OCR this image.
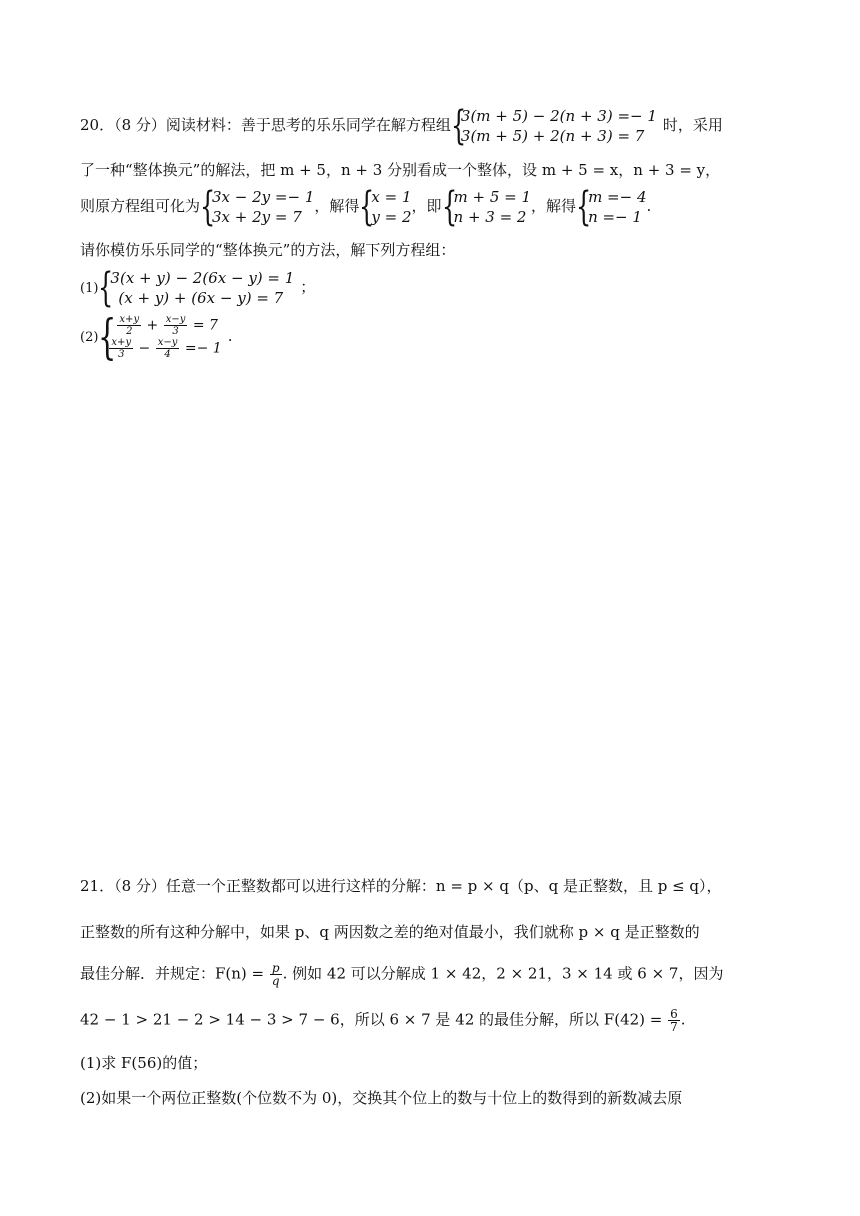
20．（8 分）阅读材料：善于思考的乐乐同学在解方程组 {
3(m + 5) − 2(n + 3) =− 1
3(m + 5) + 2(n + 3) = 7
时，采用
了一种“整体换元”的解法，把 m + 5，n + 3 分别看成一个整体，设 m + 5 = x，n + 3 = y，
则原方程组可化为 {
3x − 2y =− 1
3x + 2y = 7
，解得 {
x = 1
y = 2
，即 {
m + 5 = 1
n + 3 = 2
，解得 {
m =− 4
n =− 1
.
请你模仿乐乐同学的“整体换元”的方法，解下列方程组：
(1) {
3(x + y) − 2(6x − y) = 1
(x + y) + (6x − y) = 7
；
(2) { $\frac{x+y}{2} + \frac{x-y}{3} = 7$
$\frac{x+y}{3} - \frac{x-y}{4} =- 1$
.
21．（8 分）任意一个正整数都可以进行这样的分解：n = p × q（p、q 是正整数，且 p ≤ q），
正整数的所有这种分解中，如果 p、q 两因数之差的绝对值最小，我们就称 p × q 是正整数的
最佳分解．并规定：$F(n) = \frac{p}{q}$ . 例如 42 可以分解成 1 × 42，2 × 21，3 × 14 或 6 × 7，因为
42 − 1 > 21 − 2 > 14 − 3 > 7 − 6，所以 6 × 7 是 42 的最佳分解，所以 $F(42) = \frac{6}{7}$ .
(1)求 F(56)的值；
(2)如果一个两位正整数(个位数不为 0)，交换其个位上的数与十位上的数得到的新数减去原
